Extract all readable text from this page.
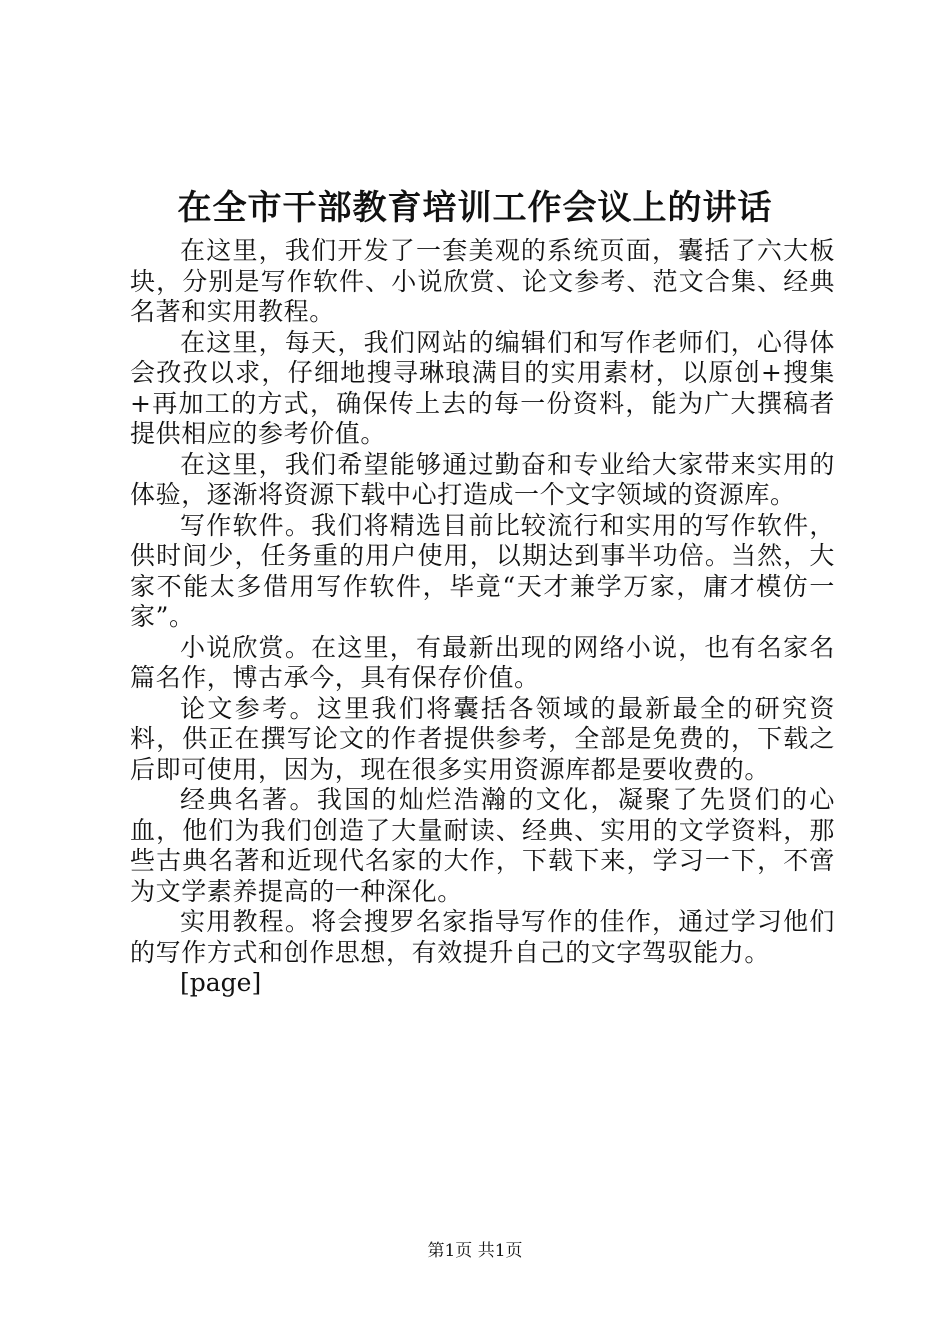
在全市干部教育培训工作会议上的讲话

在这里，我们开发了一套美观的系统页面，囊括了六大板块，分别是写作软件、小说欣赏、论文参考、范文合集、经典名著和实用教程。

在这里，每天，我们网站的编辑们和写作老师们，心得体会孜孜以求，仔细地搜寻琳琅满目的实用素材，以原创+搜集+再加工的方式，确保传上去的每一份资料，能为广大撰稿者提供相应的参考价值。

在这里，我们希望能够通过勤奋和专业给大家带来实用的体验，逐渐将资源下载中心打造成一个文字领域的资源库。

写作软件。我们将精选目前比较流行和实用的写作软件，供时间少，任务重的用户使用，以期达到事半功倍。当然，大家不能太多借用写作软件，毕竟“天才兼学万家，庸才模仿一家”。

小说欣赏。在这里，有最新出现的网络小说，也有名家名篇名作，博古承今，具有保存价值。

论文参考。这里我们将囊括各领域的最新最全的研究资料，供正在撰写论文的作者提供参考，全部是免费的，下载之后即可使用，因为，现在很多实用资源库都是要收费的。

经典名著。我国的灿烂浩瀚的文化，凝聚了先贤们的心血，他们为我们创造了大量耐读、经典、实用的文学资料，那些古典名著和近现代名家的大作，下载下来，学习一下，不啻为文学素养提高的一种深化。

实用教程。将会搜罗名家指导写作的佳作，通过学习他们的写作方式和创作思想，有效提升自己的文字驾驭能力。

[page]

第1页 共1页
